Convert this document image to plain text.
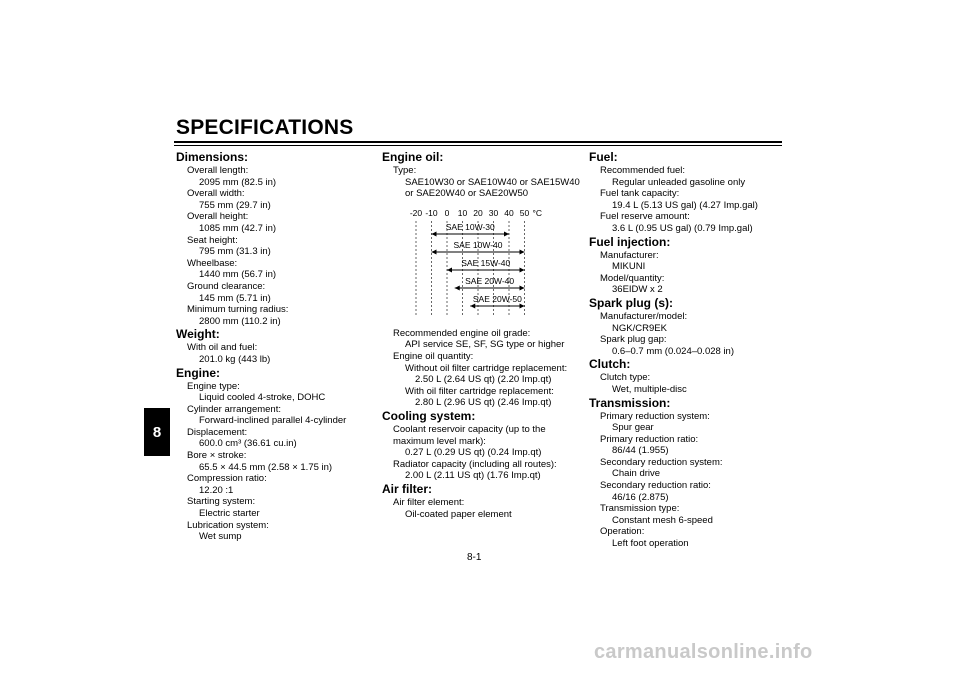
SPECIFICATIONS
8
Dimensions:
Overall length:
2095 mm (82.5 in)
Overall width:
755 mm (29.7 in)
Overall height:
1085 mm (42.7 in)
Seat height:
795 mm (31.3 in)
Wheelbase:
1440 mm (56.7 in)
Ground clearance:
145 mm (5.71 in)
Minimum turning radius:
2800 mm (110.2 in)
Weight:
With oil and fuel:
201.0 kg (443 lb)
Engine:
Engine type:
Liquid cooled 4-stroke, DOHC
Cylinder arrangement:
Forward-inclined parallel 4-cylinder
Displacement:
600.0 cm³ (36.61 cu.in)
Bore × stroke:
65.5 × 44.5 mm (2.58 × 1.75 in)
Compression ratio:
12.20 :1
Starting system:
Electric starter
Lubrication system:
Wet sump
Engine oil:
Type:
SAE10W30 or SAE10W40 or SAE15W40
or SAE20W40 or SAE20W50
-20 -10 0 10 20 30 40 50 °C
SAE 10W-30
SAE 10W-40
SAE 15W-40
SAE 20W-40
SAE 20W-50
Recommended engine oil grade:
API service SE, SF, SG type or higher
Engine oil quantity:
Without oil filter cartridge replacement:
2.50 L (2.64 US qt) (2.20 Imp.qt)
With oil filter cartridge replacement:
2.80 L (2.96 US qt) (2.46 Imp.qt)
Cooling system:
Coolant reservoir capacity (up to the
maximum level mark):
0.27 L (0.29 US qt) (0.24 Imp.qt)
Radiator capacity (including all routes):
2.00 L (2.11 US qt) (1.76 Imp.qt)
Air filter:
Air filter element:
Oil-coated paper element
Fuel:
Recommended fuel:
Regular unleaded gasoline only
Fuel tank capacity:
19.4 L (5.13 US gal) (4.27 Imp.gal)
Fuel reserve amount:
3.6 L (0.95 US gal) (0.79 Imp.gal)
Fuel injection:
Manufacturer:
MIKUNI
Model/quantity:
36EIDW x 2
Spark plug (s):
Manufacturer/model:
NGK/CR9EK
Spark plug gap:
0.6–0.7 mm (0.024–0.028 in)
Clutch:
Clutch type:
Wet, multiple-disc
Transmission:
Primary reduction system:
Spur gear
Primary reduction ratio:
86/44 (1.955)
Secondary reduction system:
Chain drive
Secondary reduction ratio:
46/16 (2.875)
Transmission type:
Constant mesh 6-speed
Operation:
Left foot operation
8-1
carmanualsonline.info
